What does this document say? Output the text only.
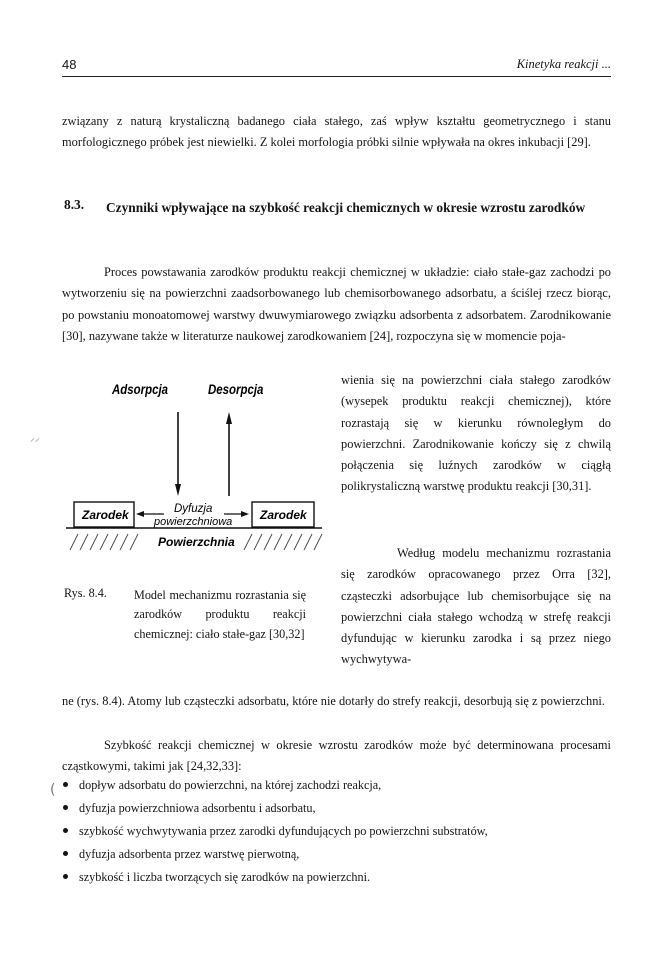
48	Kinetyka reakcji ...

związany z naturą krystaliczną badanego ciała stałego, zaś wpływ kształtu geometrycznego i stanu morfologicznego próbek jest niewielki. Z kolei morfologia próbki silnie wpływała na okres inkubacji [29].

8.3. Czynniki wpływające na szybkość reakcji chemicznych w okresie wzrostu zarodków

Proces powstawania zarodków produktu reakcji chemicznej w układzie: ciało stałe-gaz zachodzi po wytworzeniu się na powierzchni zaadsorbowanego lub chemisorbowanego adsorbatu, a ściślej rzecz biorąc, po powstaniu monoatomowej warstwy dwuwymiarowego związku adsorbenta z adsorbatem. Zarodnikowanie [30], nazywane także w literaturze naukowej zarodkowaniem [24], rozpoczyna się w momencie poja-

Adsorpcja	Desorpcja
Zarodek	Zarodek
Dyfuzja
powierzchniowa
Powierzchnia
Rys. 8.4. Model mechanizmu rozrastania się zarodków produktu reakcji chemicznej: ciało stałe-gaz [30,32]

wienia się na powierzchni ciała stałego zarodków (wysepek produktu reakcji chemicznej), które rozrastają się w kierunku równoległym do powierzchni. Zarodnikowanie kończy się z chwilą połączenia się luźnych zarodków w ciągłą polikrystaliczną warstwę produktu reakcji [30,31].

Według modelu mechanizmu rozrastania się zarodków opracowanego przez Orra [32], cząsteczki adsorbujące lub chemisorbujące się na powierzchni ciała stałego wchodzą w strefę reakcji dyfundując w kierunku zarodka i są przez niego wychwytywa-

ne (rys. 8.4). Atomy lub cząsteczki adsorbatu, które nie dotarły do strefy reakcji, desorbują się z powierzchni.

Szybkość reakcji chemicznej w okresie wzrostu zarodków może być determinowana procesami cząstkowymi, takimi jak [24,32,33]:

dopływ adsorbatu do powierzchni, na której zachodzi reakcja,
dyfuzja powierzchniowa adsorbentu i adsorbatu,
szybkość wychwytywania przez zarodki dyfundujących po powierzchni substratów,
dyfuzja adsorbenta przez warstwę pierwotną,
szybkość i liczba tworzących się zarodków na powierzchni.
⸝⸝
(
